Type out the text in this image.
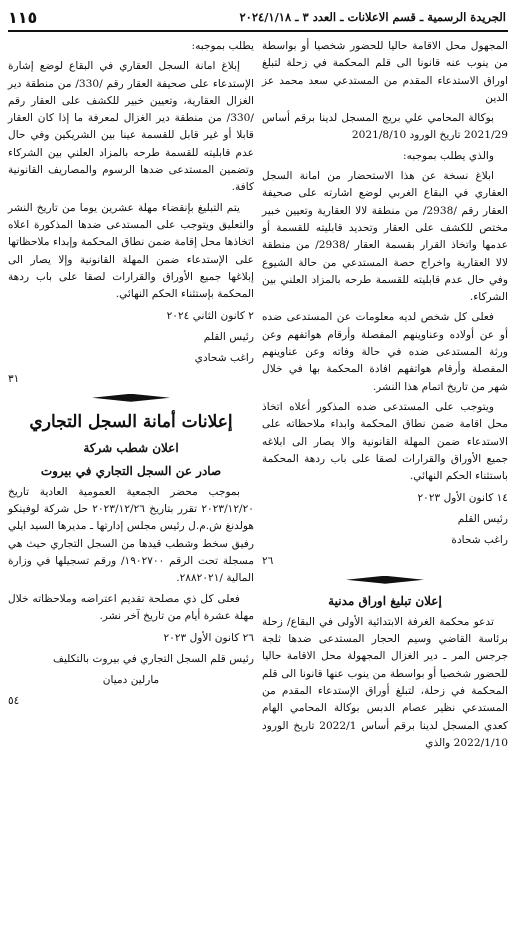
الجريدة الرسمية ـ قسم الاعلانات ـ العدد ٣ ـ ٢٠٢٤/١/١٨
١١٥

المجهول محل الاقامة حاليا للحضور شخصيا أو بواسطة من ينوب عنه قانونا الى قلم المحكمة في زحلة لتبلغ اوراق الاستدعاء المقدم من المستدعي سعد محمد عز الدين

بوكالة المحامي علي بريج المسجل لدينا برقم أساس 2021/29 تاريخ الورود 2021/8/10

والذي يطلب بموجبه:

ابلاغ نسخة عن هذا الاستحضار من امانة السجل العقاري في البقاع الغربي لوضع اشارته على صحيفة العقار رقم /2938/ من منطقة لالا العقارية وتعيين خبير مختص للكشف على العقار وتحديد قابليته للقسمة أو عدمها واتخاذ القرار بقسمة العقار /2938/ من منطقة لالا العقارية واخراج حصة المستدعي من حالة الشيوع وفي حال عدم قابليته للقسمة طرحه بالمزاد العلني بين الشركاء.

فعلى كل شخص لديه معلومات عن المستدعى ضده أو عن أولاده وعناوينهم المفصلة وأرقام هواتفهم وعن ورثة المستدعى ضده في حالة وفاته وعن عناوينهم المفصلة وأرقام هواتفهم افادة المحكمة بها في خلال شهر من تاريخ اتمام هذا النشر.

ويتوجب على المستدعى ضده المذكور أعلاه اتخاذ محل اقامة ضمن نطاق المحكمة وابداء ملاحظاته على الاستدعاء ضمن المهلة القانونية والا يصار الى ابلاغه جميع الأوراق والقرارات لصقا على باب ردهة المحكمة باستثناء الحكم النهائي.

١٤ كانون الأول ٢٠٢٣

رئيس القلم

راغب شحادة

٢٦

إعلان تبليغ اوراق مدنية

تدعو محكمة الغرفة الابتدائية الأولى في البقاع/ زحلة برئاسة القاضي وسيم الحجار المستدعى ضدها ثلجة جرجس المر ـ دير الغزال المجهولة محل الاقامة حاليا للحضور شخصيا أو بواسطة من ينوب عنها قانونا الى قلم المحكمة في زحلة، لتبلغ أوراق الإستدعاء المقدم من المستدعي نظير عصام الدبس بوكالة المحامي الهام كعدي المسجل لدينا برقم أساس 2022/1 تاريخ الورود 2022/1/10 والذي

يطلب بموجبه:

إبلاغ امانة السجل العقاري في البقاع لوضع إشارة الإستدعاء على صحيفة العقار رقم /330/ من منطقة دير الغزال العقارية، وتعيين خبير للكشف على العقار رقم /330/ من منطقة دير الغزال لمعرفة ما إذا كان العقار قابلا أو غير قابل للقسمة عينا بين الشريكين وفي حال عدم قابليته للقسمة طرحه بالمزاد العلني بين الشركاء وتضمين المستدعى ضدها الرسوم والمصاريف القانونية كافة.

يتم التبليغ بإنقضاء مهلة عشرين يوما من تاريخ النشر والتعليق ويتوجب على المستدعى ضدها المذكورة اعلاه اتخاذها محل إقامة ضمن نطاق المحكمة وإبداء ملاحظاتها على الإستدعاء ضمن المهلة القانونية وإلا يصار الى إبلاغها جميع الأوراق والقرارات لصقا على باب ردهة المحكمة بإستثناء الحكم النهائي.

٢ كانون الثاني ٢٠٢٤

رئيس القلم

راغب شحادي

٣١

إعلانات أمانة السجل التجاري

اعلان شطب شركة

صادر عن السجل التجاري في بيروت

بموجب محضر الجمعية العمومية العادية تاريخ ٢٠٢٣/١٢/٢٠ تقرر بتاريخ ٢٠٢٣/١٢/٢٦ حل شركة لوفينكو هولدنغ ش.م.ل رئيس مجلس إدارتها ـ مديرها السيد ايلي رفيق سخط وشطب قيدها من السجل التجاري حيث هي مسجلة تحت الرقم ١٩٠٢٧٠٠/ ورقم تسجيلها في وزارة المالية /٢٨٨٢٠٢١.

فعلى كل ذي مصلحة تقديم اعتراضه وملاحظاته خلال مهلة عشرة أيام من تاريخ آخر نشر.

٢٦ كانون الأول ٢٠٢٣

رئيس قلم السجل التجاري في بيروت بالتكليف

مارلين دميان

٥٤
